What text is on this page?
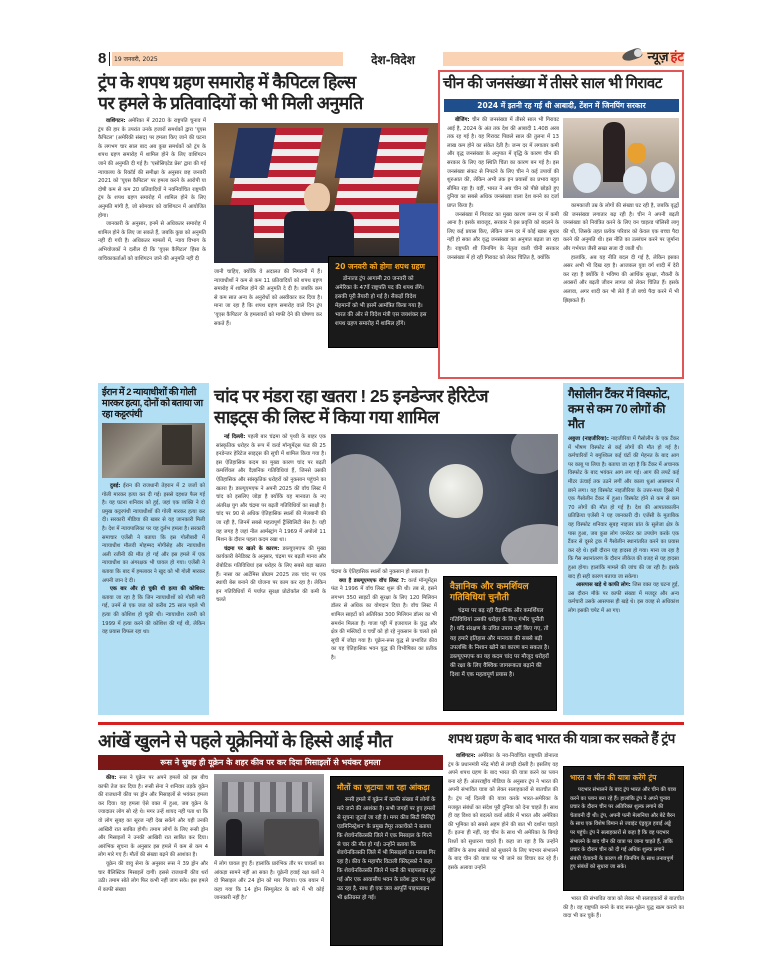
8 19 जनवरी, 2025	देश-विदेश	न्यूज़ हंट
ट्रंप के शपथ ग्रहण समारोह में कैपिटल हिल्स
पर हमले के प्रतिवादियों को भी मिली अनुमति

वाशिंगटन: अमेरिका में 2020 के राष्ट्रपति चुनाव में ट्रंप की हार के उपरांत उनके हजारों समर्थकों द्वारा 'यूएस कैपिटल' (अमेरिकी संसद) पर हमला किए जाने की घटना के लगभग चार साल बाद अब कुछ समर्थकों को ट्रंप के शपथ ग्रहण समारोह में शामिल होने के लिए वाशिंगटन जाने की अनुमति दी गई है। 'एसोसिएटेड प्रेस' द्वारा की गई न्यायालय के रिकॉर्ड की समीक्षा के अनुसार छह जनवरी 2021 को 'यूएस कैपिटल' पर हमला करने के आरोपी या दोषी कम से कम 20 प्रतिवादियों ने नवनिर्वाचित राष्ट्रपति ट्रंप के शपथ ग्रहण समारोह में शामिल होने के लिए अनुमति मांगी है, जो सोमवार को वाशिंगटन में आयोजित होगा।

जानकारी के अनुसार, इनमें से अधिकतर समारोह में शामिल होने के लिए जा सकते हैं, जबकि कुछ को अनुमति नहीं दी गयी है। अधिकतर मामलों में, न्याय विभाग के अभियोजकों ने दलील दी कि 'यूएस कैपिटल' हिंसा के याचिकाकर्ताओं को वाशिंगटन जाने की अनुमति नहीं दी

जानी चाहिए, क्योंकि वे अदालत की निगरानी में हैं। न्यायाधीशों ने कम से कम 11 प्रतिवादियों को शपथ ग्रहण समारोह में शामिल होने की अनुमति दे दी है। जबकि कम से कम सात अन्य के अनुरोधों को अस्वीकार कर दिया है। माना जा रहा है कि शपथ ग्रहण समारोह वाले दिन ट्रंप 'यूएस कैपिटल' के हमलावरों को माफी देने की घोषणा कर सकते हैं।
20 जनवरी को होगा शपथ ग्रहण
डोनाल्ड ट्रंप आगामी 20 जनवरी को अमेरिका के 47वें राष्ट्रपति पद की शपथ लेंगे। इसकी पूरी तैयारी हो गई है। सैकड़ों विदेश मेहमानों को भी इसमें आमंत्रित किया गया है। भारत की ओर से विदेश मंत्री एस जयशंकर इस शपथ ग्रहण समारोह में शामिल होंगे।
चीन की जनसंख्या में तीसरे साल भी गिरावट
2024 में इतनी रह गई थी आबादी, टेंशन में जिनपिंग सरकार

बीजिंग: चीन की जनसंख्या में तीसरे साल भी गिरावट आई है, 2024 के अंत तक देश की आबादी 1.408 अरब तक रह गई है। यह गिरावट पिछले साल की तुलना में 13 लाख कम होने का संकेत देती है। जन्म दर में लगातार कमी और वृद्ध जनसंख्या के अनुपात में वृद्धि के कारण चीन की सरकार के लिए यह स्थिति चिंता का कारण बन गई है। इस जनसंख्या संकट से निपटने के लिए चीन ने कई उपायों की शुरुआत की, लेकिन अभी तक इन प्रयासों का प्रभाव बहुत सीमित रहा है। वहीं, भारत ने अब चीन को पीछे छोड़ते हुए दुनिया का सबसे अधिक जनसंख्या वाला देश बनने का दर्जा प्राप्त किया है।

जनसंख्या में गिरावट का मुख्य कारण जन्म दर में कमी आना है। इसके बावजूद, सरकार ने इस प्रवृत्ति को बदलने के लिए कई प्रयास किए, लेकिन जन्म दर में कोई खास सुधार नहीं हो सका और वृद्ध जनसंख्या का अनुपात बढ़ता जा रहा है। राष्ट्रपति शी जिनपिंग के नेतृत्व वाली चीनी सरकार जनसंख्या में हो रही गिरावट को लेकर चिंतित है, क्योंकि

कामकाजी उम्र के लोगों की संख्या घट रही है, जबकि वृद्धों की जनसंख्या लगातार बढ़ रही है। चीन ने अपनी बढ़ती जनसंख्या को नियंत्रित करने के लिए वन चाइल्ड पॉलिसी लागू की थी, जिसके तहत प्रत्येक परिवार को केवल एक बच्चा पैदा करने की अनुमति थी। इस नीति का उल्लंघन करने पर जुर्माना और गर्भपात जैसी सख्त सजा दी जाती थी।

हालांकि, अब यह नीति बदल दी गई है, लेकिन इसका असर अभी भी दिख रहा है। आजकल युवा वर्ग शादी में देरी कर रहा है क्योंकि वे भविष्य की आर्थिक सुरक्षा, नौकरी के अवसरों और बढ़ती जीवन लागत को लेकर चिंतित हैं। इसके अलावा, अगर शादी कर भी लेते हैं तो बच्चे पैदा करने में भी झिझकते हैं।

ईरान में 2 न्यायाधीशों की गोली मारकर हत्या, दोनों को बताया जा रहा कट्टरपंथी

दुबई: ईरान की राजधानी तेहरान में 2 जजों को गोली मारकर हत्या कर दी गई। इससे दहशत फैल गई है। यह घटना शनिवार को हुई, जहां एक व्यक्ति ने दो प्रमुख कट्टरपंथी न्यायाधीशों की गोली मारकर हत्या कर दी। सरकारी मीडिया की खबर से यह जानकारी मिली है। देश में न्यायपालिका पर यह दुर्लभ हमला है। सरकारी समाचार एजेंसी ने बताया कि इस गोलीबारी में न्यायाधीश मौलवी मोहम्मद मोगीसेह और न्यायाधीश अली रजीनी की मौत हो गई और इस हमले में एक न्यायाधीश का अंगरक्षक भी घायल हो गया। एजेंसी ने बताया कि बाद में हमलावर ने खुद को भी गोली मारकर अपनी जान दे दी।

एक बार और हो चुकी थी हत्या की कोशिश: बताया जा रहा है कि जिन न्यायाधीशों को गोली मारी गई, उनमें से एक जज को करीब 25 साल पहले भी हत्या की कोशिश हो चुकी थी। न्यायाधीश रजनी को 1999 में हत्या करने की कोशिश की गई थी, लेकिन वह प्रयास विफल रहा था।

चांद पर मंडरा रहा खतरा ! 25 इनडेन्जर हेरिटेज
साइट्स की लिस्ट में किया गया शामिल

नई दिल्ली: पहली बार चंद्रमा को पृथ्वी के बाहर एक सांस्कृतिक धरोहर के रूप में वर्ल्ड मॉन्यूमेंट्स फंड की 25 इनडेन्जर हेरिटेज साइट्स की सूची में शामिल किया गया है। इस ऐतिहासिक कदम का मुख्य कारण चांद पर बढ़ती कमर्शियल और वैज्ञानिक गतिविधियां हैं, जिनसे उसकी ऐतिहासिक और सांस्कृतिक धरोहरों को नुकसान पहुंचने का खतरा है। डब्ल्यूएमएफ ने अपनी 2025 की वॉच लिस्ट में चांद को इसलिए जोड़ा है क्योंकि यह मानवता के नए अंतरिक्ष युग और चंद्रमा पर बढ़ती गतिविधियों का साक्षी है। चांद पर 90 से अधिक ऐतिहासिक स्थलों की मेजबानी की जा रही है, जिनमें सबसे महत्वपूर्ण ट्रैंक्विलिटी बेस है। यही वह जगह है जहां नील आर्मस्ट्रांग ने 1969 में अपोलो 11 मिशन के दौरान पहला कदम रखा था।

चंद्रमा पर खतरे के कारण: डब्ल्यूएमएफ की मुख्य कार्यकारी बेनेडिक्ट के अनुसार, चंद्रमा पर बढ़ती मानव और रोबोटिक गतिविधियां इस धरोहर के लिए सबसे बड़ा खतरा हैं। नासा का आर्टेमिस प्रोग्राम 2025 तक चांद पर एक स्थायी बेस बनाने की योजना पर काम कर रहा है। लेकिन इन गतिविधियों में पर्याप्त सुरक्षा प्रोटोकॉल की कमी के चलते

चंद्रमा के ऐतिहासिक स्थलों को नुकसान हो सकता है।

क्या है डब्ल्यूएमएफ वॉच लिस्ट ?: वर्ल्ड मॉन्यूमेंट्स फंड ने 1996 में वॉच लिस्ट शुरू की थी। तब से, इसने लगभग 350 साइटों की सुरक्षा के लिए 120 मिलियन डॉलर से अधिक का योगदान दिया है। वॉच लिस्ट में शामिल साइटों को अतिरिक्त 300 मिलियन डॉलर का भी समर्थन मिलता है। गाजा पट्टी में इजरायल के युद्ध और क्षेत्र की मस्जिदों व चर्चों को हो रहे नुकसान के चलते इसे सूची में जोड़ा गया है। यूक्रेन-रूस युद्ध से प्रभावित कीव का यह ऐतिहासिक भवन युद्ध की विभीषिका का प्रतीक है।

वैज्ञानिक और कमर्शियल गतिविधियां चुनौती
चंद्रमा पर बढ़ रही वैज्ञानिक और कमर्शियल गतिविधियां उसकी धरोहर के लिए गंभीर चुनौती है। यदि संरक्षण के उचित उपाय नहीं किए गए, तो यह हमारे इतिहास और मानवता की सबसे बड़ी उपलब्धि के निशान खोने का कारण बन सकता है। डब्ल्यूएमएफ का यह कदम चांद पर मौजूद धरोहरों की रक्षा के लिए वैश्विक जागरूकता बढ़ाने की दिशा में एक महत्वपूर्ण प्रयास है।
गैसोलीन टैंकर में विस्फोट, कम से कम 70 लोगों की मौत

अबुजा (नाइजीरिया): नाइजीरिया में गैसोलीन के एक टैंकर में भीषण विस्फोट से कई लोगों की मौत हो गई है। कर्मचारियों ने बमुश्किल कई घंटों की मेहनत के बाद आग पर काबू पा लिया है। बताया जा रहा है कि टैंकर में अचानक विस्फोट के बाद भयंकर आग लग गई। आग की लपटें कई मीटर ऊंचाई तक उठने लगीं और काला धुआं आसमान में छाने लगा। यह विस्फोट नाइजीरिया के उत्तर-मध्य हिस्से में एक गैसोलीन टैंकर में हुआ। विस्फोट होने से कम से कम 70 लोगों की मौत हो गई है। देश की आपातकालीन प्रतिक्रिया एजेंसी ने यह जानकारी दी। एजेंसी के मुताबिक यह विस्फोट शनिवार सुबह नाइजर प्रांत के सुलेजा क्षेत्र के पास हुआ, जब कुछ लोग जनरेटर का उपयोग करके एक टैंकर से दूसरे ट्रक में गैसोलीन स्थानांतरित करने का प्रयास कर रहे थे। इसी दौरान यह हादसा हो गया। माना जा रहा है कि गैस स्थानांतरण के दौरान लीकेज की वजह से यह हादसा हुआ होगा। हालांकि मामले की जांच की जा रही है। इसके बाद ही सही कारण बताया जा सकेगा।

आसपास खड़े थे काफी लोग: जिस वक्त यह घटना हुई, उस दौरान मौके पर काफी संख्या में मजदूर और अन्य कर्मचारी उसके आसपास ही खड़े थे। इस वजह से अधिकांश लोग इसकी चपेट में आ गए।

आंखें खुलने से पहले यूक्रेनियों के हिस्से आई मौत
रूस ने सुबह ही यूक्रेन के शहर कीव पर कर दिया मिसाइलों से भयंकर हमला

कीव: रूस ने यूक्रेन पर अपने हमलों को इस बीच काफी तेज कर दिया है। रूसी सेना ने शनिवार तड़के यूक्रेन की राजधानी कीव पर ड्रोन और मिसाइलों से भयंकर हमला कर दिया। यह हमला ऐसे वक्त में हुआ, जब यूक्रेन के ज्यादातर लोग सो रहे थे। मगर उन्हें शायद नहीं पता था कि वो लोग सुबह का सूरज नहीं देख सकेंगे और यही उनकी आखिरी रात साबित होगी। तमाम लोगों के लिए रूसी ड्रोन और मिसाइलों ने उनकी आखिरी रात साबित कर दिया। आरंभिक सूचना के अनुसार इस हमले में कम से कम 4 लोग मारे गए हैं। मौतों की संख्या बढ़ने की आशंका है।

यूक्रेन की वायु सेना के अनुसार रूस ने 39 ड्रोन और चार बैलिस्टिक मिसाइलें दागीं। इससे राजधानी कीव थर्रा उठी। तमाम सोते लोग फिर कभी नहीं जाग सके। इस हमले में काफी संख्या

में लोग घायल हुए हैं। हालांकि प्रारंभिक तौर पर घायलों का आंकड़ा सामने नहीं आ सका है। यूक्रेनी हवाई रक्षा बलों ने दो मिसाइल और 24 ड्रोन को मार गिराया। एक बयान में कहा गया कि 14 ड्रोन सिम्युलेटर के बारे में भी कोई जानकारी नहीं है।'
मौतों का जुटाया जा रहा आंकड़ा
रूसी हमले में यूक्रेन में काफी संख्या में लोगों के मारे जाने की आशंका है। सभी जगहों पर हुए हमलों से सूचना जुटाई जा रही है। मगर कीव सिटी मिलिट्री एडमिनिस्ट्रेशन' के प्रमुख तैमूर तकाचेंको ने बताया कि शेवचेनकिव्स्की जिले में एक मिसाइल के गिरने से चार की मौत हो गई। उन्होंने बताया कि शेवचेनकिव्स्की जिले में भी मिसाइलों का मलबा गिर रहा है। कीव के महापौर विटाली क्लिट्स्को ने कहा कि शेवचेनकिव्स्की जिले में पानी की पाइपलाइन टूट गई और एक आवासीय भवन के प्रवेश द्वार पर धुआं उठ रहा है, साथ ही एक जल आपूर्ति पाइपलाइन भी क्षतिग्रस्त हो गई।
शपथ ग्रहण के बाद भारत की यात्रा कर सकते हैं ट्रंप

वाशिंगटन: अमेरिका के नव-निर्वाचित राष्ट्रपति डोनाल्ड ट्रंप के प्रधानमंत्री नरेंद्र मोदी से तगड़ी दोस्ती है। इसलिए वह अपने शपथ ग्रहण के बाद भारत की यात्रा करने का प्लान बना रहे हैं। अंतरराष्ट्रीय मीडिया के अनुसार ट्रंप ने भारत की अपनी संभावित यात्रा को लेकर सलाहकारों से बातचीत की है। ट्रंप नई दिल्ली की यात्रा करके भारत-अमेरिका के मजबूत संबंधों का संदेश पूरी दुनिया को देना चाहते हैं। साथ ही वह विश्व को बदलते वर्ल्ड ऑर्डर में भारत और अमेरिका की भूमिका को सबसे अहम होने की बात भी दर्शाना चाहते हैं। इतना ही नहीं, वह चीन के साथ भी अमेरिका के बिगड़े रिश्तों को सुधारना चाहते हैं। कहा जा रहा है कि उन्होंने बीजिंग के साथ संबंधों को सुधारने के लिए पदभार संभालने के बाद चीन की यात्रा पर भी जाने का विचार कर रहे हैं। इसके अलावा उन्होंने

भारत व चीन की यात्रा करेंगे ट्रंप
पदभार संभालने के बाद ट्रंप भारत और चीन की यात्रा करने का प्लान बना रहे हैं। हालांकि ट्रंप ने अपने चुनाव प्रचार के दौरान चीन पर अतिरिक्त शुल्क लगाने की चेतावनी दी थी। ट्रंप, अपनी पत्नी मेलानिया और बेटे बैरन के साथ एक विशेष विमान से ज्वाइंट एंड्रयूज़ हवाई अड्डे पर पहुंचे। ट्रंप ने सलाहकारों से कहा है कि वह पदभार संभालने के बाद चीन की यात्रा पर जाना चाहते हैं, ताकि प्रचार के दौरान चीन को दी गई अधिक शुल्क लगाने संबंधी चेतावनी के कारण शी जिनपिंग के साथ तनावपूर्ण हुए संबंधों को सुधारा जा सके।
भारत की संभावित यात्रा को लेकर भी सलाहकारों से बातचीत की है। वह राष्ट्रपति बनने के बाद रूस-यूक्रेन युद्ध खत्म कराने का वादा भी कर चुके हैं।
